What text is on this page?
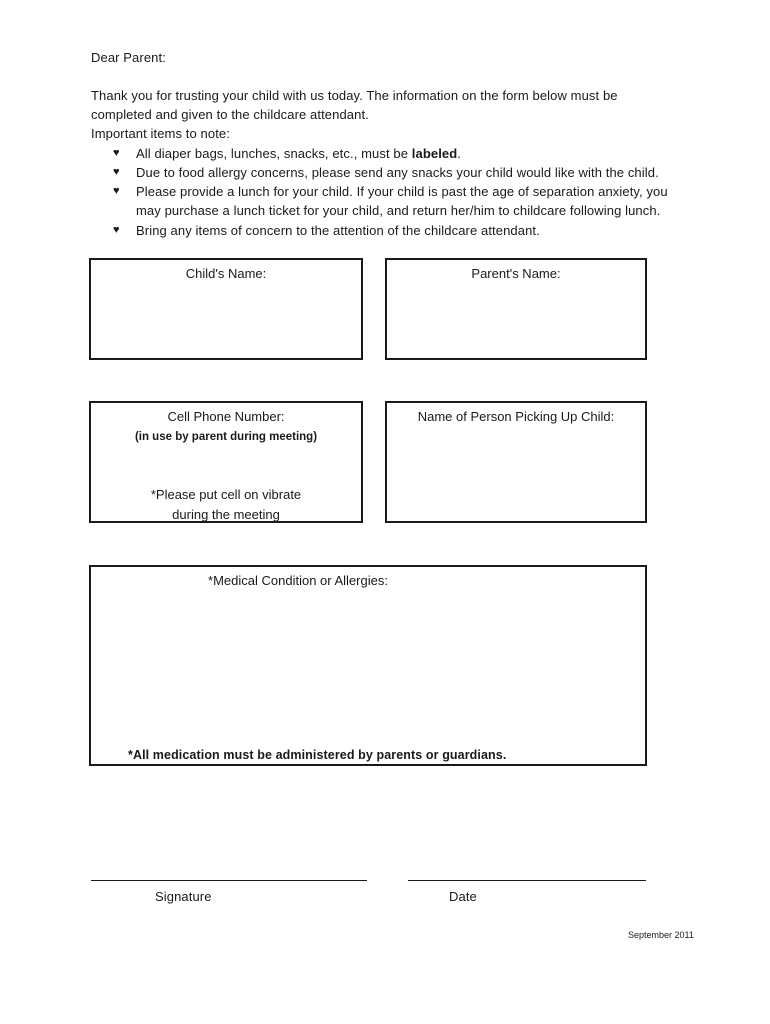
Dear Parent:
Thank you for trusting your child with us today. The information on the form below must be
completed and given to the childcare attendant.
Important items to note:
♥ All diaper bags, lunches, snacks, etc., must be labeled.
♥ Due to food allergy concerns, please send any snacks your child would like with the child.
♥ Please provide a lunch for your child. If your child is past the age of separation anxiety, you
may purchase a lunch ticket for your child, and return her/him to childcare following lunch.
♥ Bring any items of concern to the attention of the childcare attendant.
Child's Name:	Parent's Name:
Cell Phone Number:
(in use by parent during meeting)
*Please put cell on vibrate
during the meeting
Name of Person Picking Up Child:
*Medical Condition or Allergies:
*All medication must be administered by parents or guardians.
Signature	Date
September 2011
